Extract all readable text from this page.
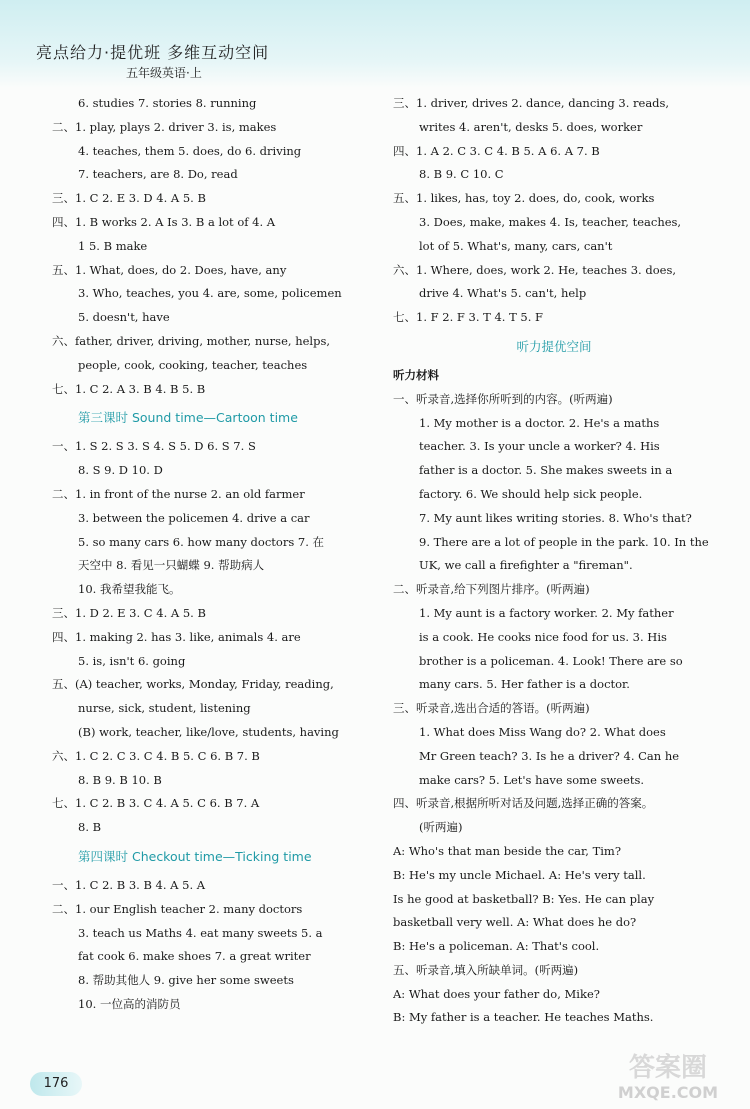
亮点给力·提优班 多维互动空间
五年级英语·上
6. studies 7. stories 8. running
二、1. play, plays 2. driver 3. is, makes
4. teaches, them 5. does, do 6. driving
7. teachers, are 8. Do, read
三、1. C 2. E 3. D 4. A 5. B
四、1. B works 2. A Is 3. B a lot of 4. A
1 5. B make
五、1. What, does, do 2. Does, have, any
3. Who, teaches, you 4. are, some, policemen
5. doesn't, have
六、father, driver, driving, mother, nurse, helps,
people, cook, cooking, teacher, teaches
七、1. C 2. A 3. B 4. B 5. B
第三课时 Sound time—Cartoon time
一、1. S 2. S 3. S 4. S 5. D 6. S 7. S
8. S 9. D 10. D
二、1. in front of the nurse 2. an old farmer
3. between the policemen 4. drive a car
5. so many cars 6. how many doctors 7. 在
天空中 8. 看见一只蝴蝶 9. 帮助病人
10. 我希望我能飞。
三、1. D 2. E 3. C 4. A 5. B
四、1. making 2. has 3. like, animals 4. are
5. is, isn't 6. going
五、(A) teacher, works, Monday, Friday, reading,
nurse, sick, student, listening
(B) work, teacher, like/love, students, having
六、1. C 2. C 3. C 4. B 5. C 6. B 7. B
8. B 9. B 10. B
七、1. C 2. B 3. C 4. A 5. C 6. B 7. A
8. B
第四课时 Checkout time—Ticking time
一、1. C 2. B 3. B 4. A 5. A
二、1. our English teacher 2. many doctors
3. teach us Maths 4. eat many sweets 5. a
fat cook 6. make shoes 7. a great writer
8. 帮助其他人 9. give her some sweets
10. 一位高的消防员
三、1. driver, drives 2. dance, dancing 3. reads,
writes 4. aren't, desks 5. does, worker
四、1. A 2. C 3. C 4. B 5. A 6. A 7. B
8. B 9. C 10. C
五、1. likes, has, toy 2. does, do, cook, works
3. Does, make, makes 4. Is, teacher, teaches,
lot of 5. What's, many, cars, can't
六、1. Where, does, work 2. He, teaches 3. does,
drive 4. What's 5. can't, help
七、1. F 2. F 3. T 4. T 5. F
听力提优空间
听力材料
一、听录音,选择你所听到的内容。(听两遍)
1. My mother is a doctor. 2. He's a maths
teacher. 3. Is your uncle a worker? 4. His
father is a doctor. 5. She makes sweets in a
factory. 6. We should help sick people.
7. My aunt likes writing stories. 8. Who's that?
9. There are a lot of people in the park. 10. In the
UK, we call a firefighter a "fireman".
二、听录音,给下列图片排序。(听两遍)
1. My aunt is a factory worker. 2. My father
is a cook. He cooks nice food for us. 3. His
brother is a policeman. 4. Look! There are so
many cars. 5. Her father is a doctor.
三、听录音,选出合适的答语。(听两遍)
1. What does Miss Wang do? 2. What does
Mr Green teach? 3. Is he a driver? 4. Can he
make cars? 5. Let's have some sweets.
四、听录音,根据所听对话及问题,选择正确的答案。
(听两遍)
A: Who's that man beside the car, Tim?
B: He's my uncle Michael. A: He's very tall.
Is he good at basketball? B: Yes. He can play
basketball very well. A: What does he do?
B: He's a policeman. A: That's cool.
五、听录音,填入所缺单词。(听两遍)
A: What does your father do, Mike?
B: My father is a teacher. He teaches Maths.
176
答案圈
MXQE.COM
